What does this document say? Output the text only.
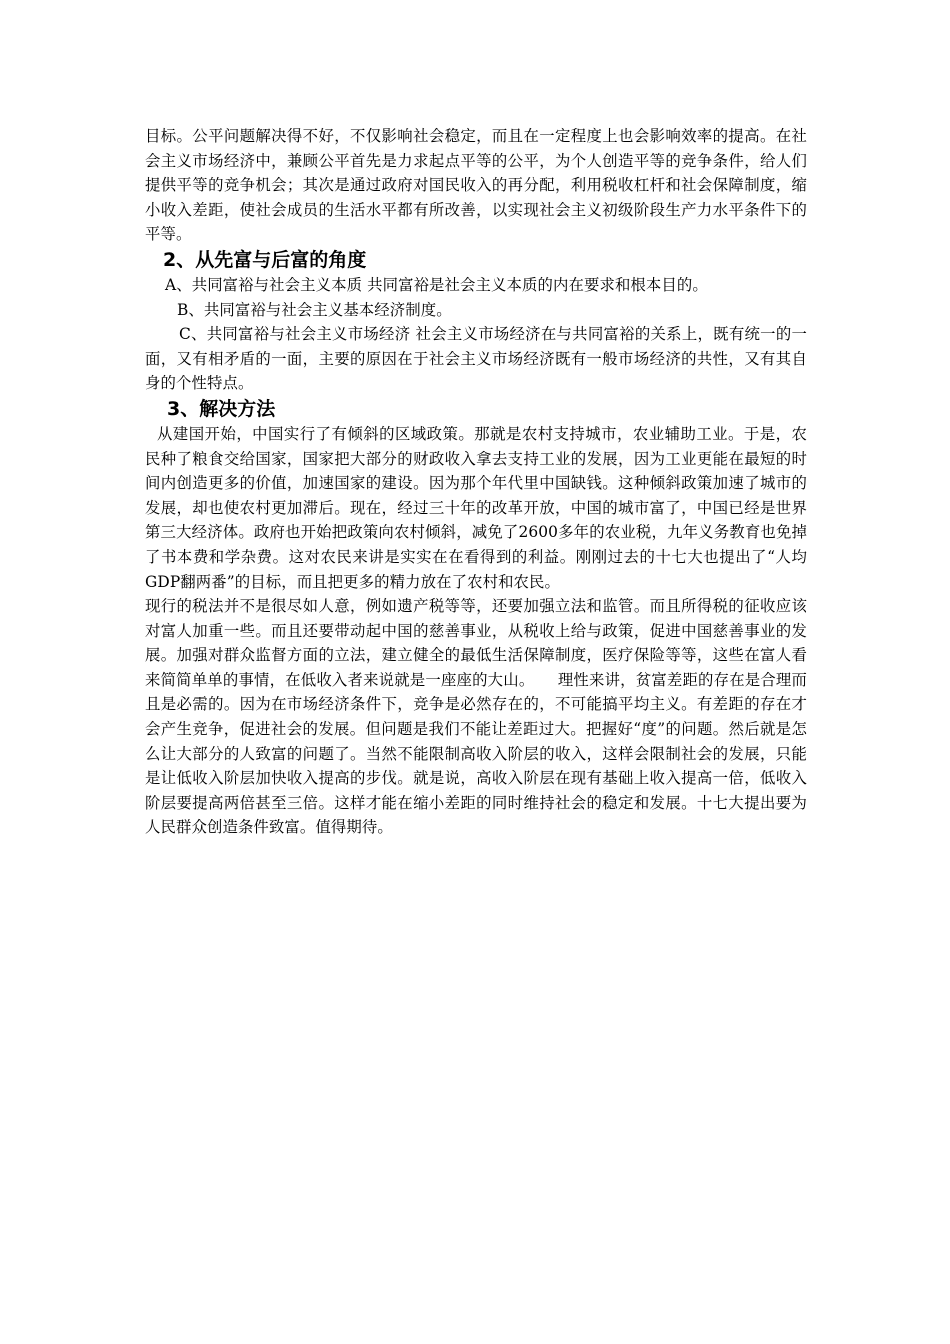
目标。公平问题解决得不好，不仅影响社会稳定，而且在一定程度上也会影响效率的提高。在社会主义市场经济中，兼顾公平首先是力求起点平等的公平，为个人创造平等的竞争条件，给人们提供平等的竞争机会；其次是通过政府对国民收入的再分配，利用税收杠杆和社会保障制度，缩小收入差距，使社会成员的生活水平都有所改善，以实现社会主义初级阶段生产力水平条件下的平等。

2、从先富与后富的角度

A、共同富裕与社会主义本质 共同富裕是社会主义本质的内在要求和根本目的。

B、共同富裕与社会主义基本经济制度。

C、共同富裕与社会主义市场经济 社会主义市场经济在与共同富裕的关系上，既有统一的一面，又有相矛盾的一面，主要的原因在于社会主义市场经济既有一般市场经济的共性，又有其自身的个性特点。

3、解决方法

从建国开始，中国实行了有倾斜的区域政策。那就是农村支持城市，农业辅助工业。于是，农民种了粮食交给国家，国家把大部分的财政收入拿去支持工业的发展，因为工业更能在最短的时间内创造更多的价值，加速国家的建设。因为那个年代里中国缺钱。这种倾斜政策加速了城市的发展，却也使农村更加滞后。现在，经过三十年的改革开放，中国的城市富了，中国已经是世界第三大经济体。政府也开始把政策向农村倾斜，减免了2600多年的农业税，九年义务教育也免掉了书本费和学杂费。这对农民来讲是实实在在看得到的利益。刚刚过去的十七大也提出了“人均GDP翻两番”的目标，而且把更多的精力放在了农村和农民。

现行的税法并不是很尽如人意，例如遗产税等等，还要加强立法和监管。而且所得税的征收应该对富人加重一些。而且还要带动起中国的慈善事业，从税收上给与政策，促进中国慈善事业的发展。加强对群众监督方面的立法，建立健全的最低生活保障制度，医疗保险等等，这些在富人看来简简单单的事情，在低收入者来说就是一座座的大山。　　理性来讲，贫富差距的存在是合理而且是必需的。因为在市场经济条件下，竞争是必然存在的，不可能搞平均主义。有差距的存在才会产生竞争，促进社会的发展。但问题是我们不能让差距过大。把握好“度”的问题。然后就是怎么让大部分的人致富的问题了。当然不能限制高收入阶层的收入，这样会限制社会的发展，只能是让低收入阶层加快收入提高的步伐。就是说，高收入阶层在现有基础上收入提高一倍，低收入阶层要提高两倍甚至三倍。这样才能在缩小差距的同时维持社会的稳定和发展。十七大提出要为人民群众创造条件致富。值得期待。
